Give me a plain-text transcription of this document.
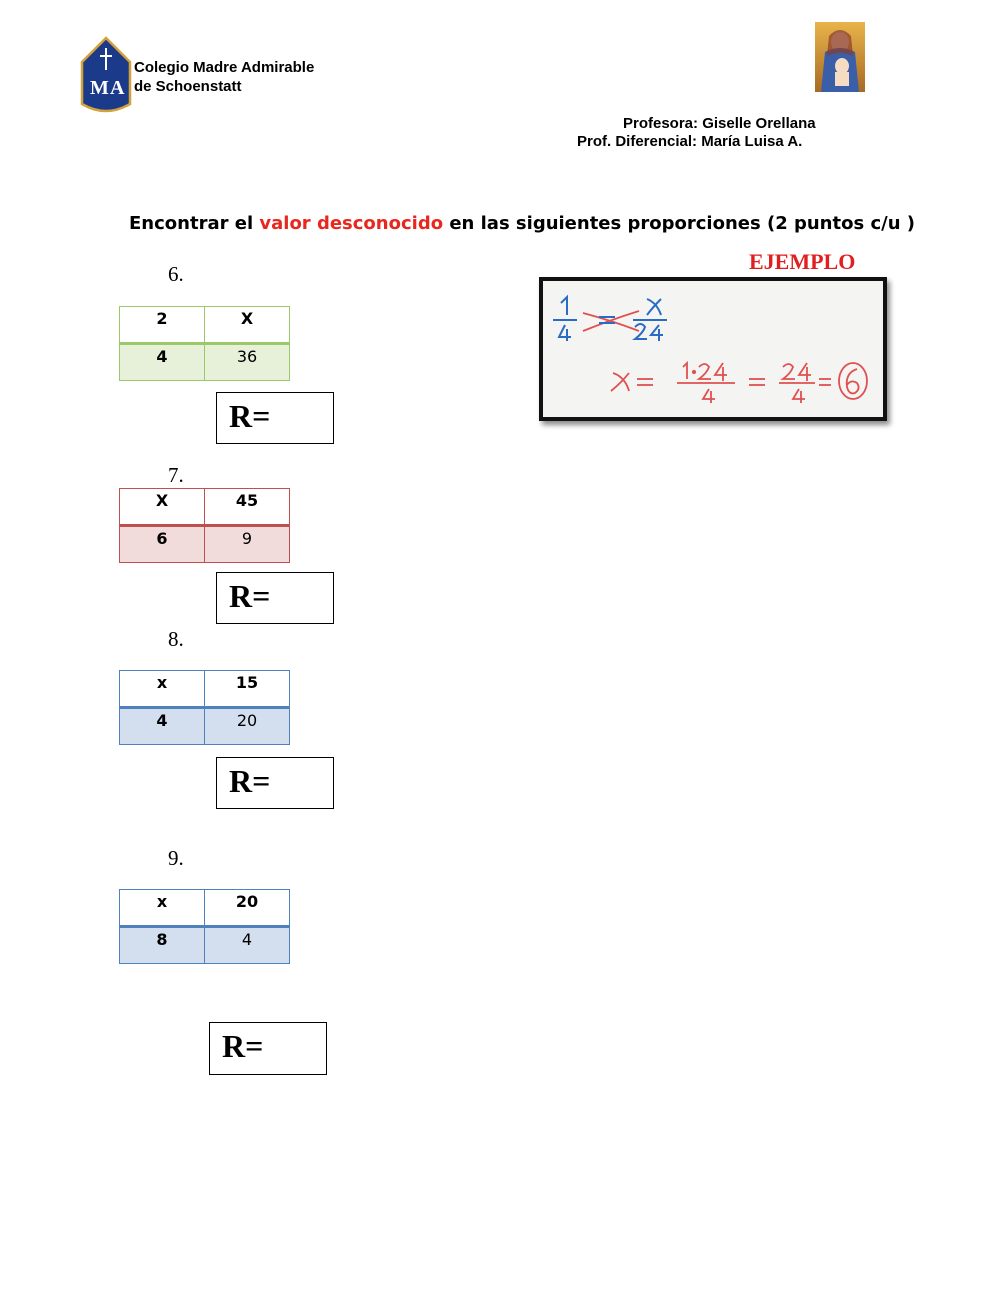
M A
Colegio Madre Admirable
de Schoenstatt
Profesora: Giselle Orellana
Prof. Diferencial: María Luisa A.
Encontrar el valor desconocido en las siguientes proporciones (2 puntos c/u )
EJEMPLO
6.
2	X
4	36
R=
7.
X	45
6	9
R=
8.
x	15
4	20
R=
9.
x	20
8	4
R=
